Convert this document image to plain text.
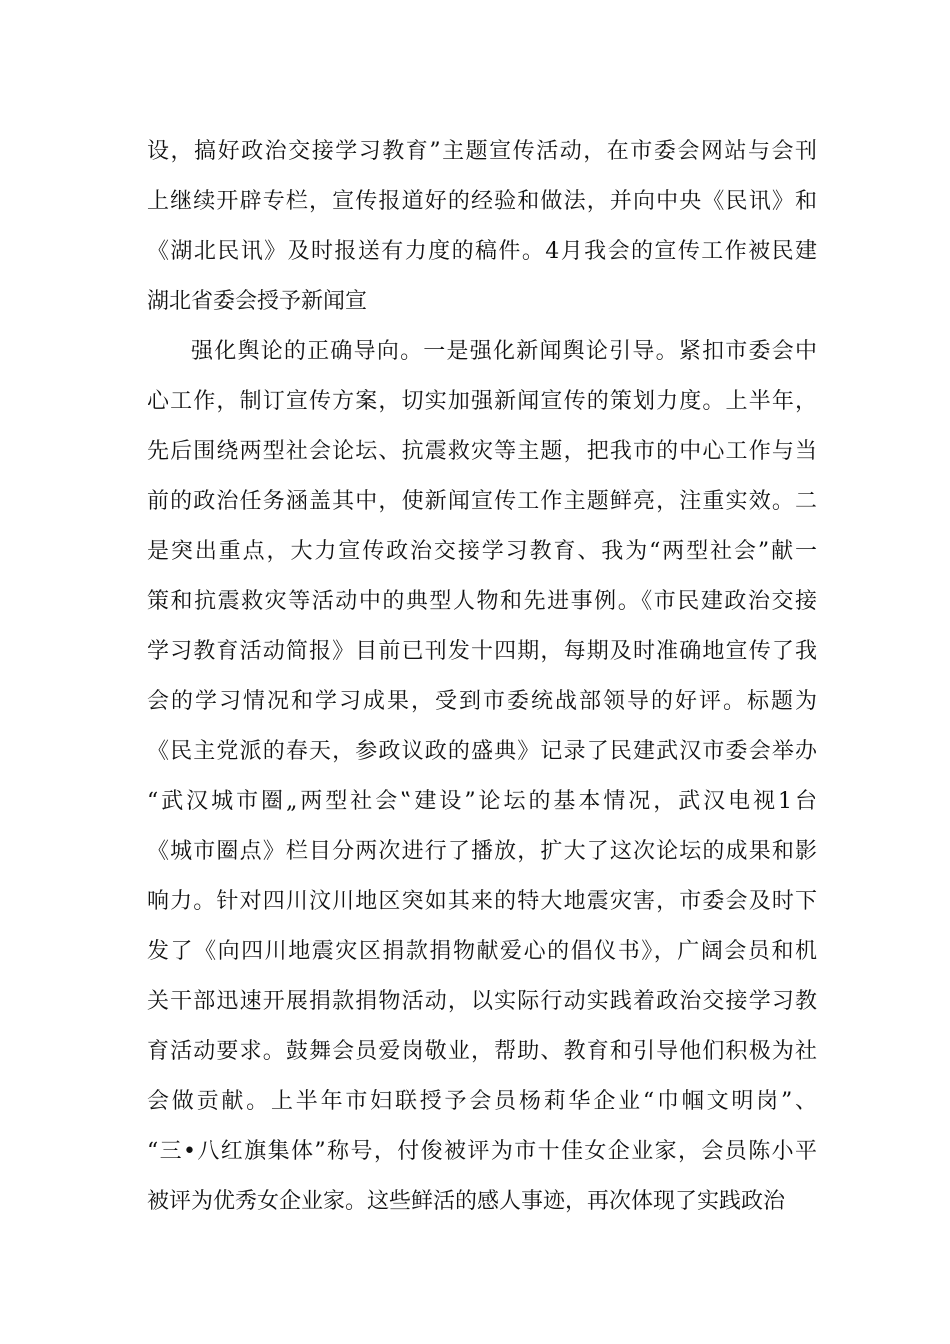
设，搞好政治交接学习教育”主题宣传活动，在市委会网站与会刊
上继续开辟专栏，宣传报道好的经验和做法，并向中央《民讯》和
《湖北民讯》及时报送有力度的稿件。4月我会的宣传工作被民建
湖北省委会授予新闻宣
强化舆论的正确导向。一是强化新闻舆论引导。紧扣市委会中
心工作，制订宣传方案，切实加强新闻宣传的策划力度。上半年，
先后围绕两型社会论坛、抗震救灾等主题，把我市的中心工作与当
前的政治任务涵盖其中，使新闻宣传工作主题鲜亮，注重实效。二
是突出重点，大力宣传政治交接学习教育、我为“两型社会”献一
策和抗震救灾等活动中的典型人物和先进事例。《市民建政治交接
学习教育活动简报》目前已刊发十四期，每期及时准确地宣传了我
会的学习情况和学习成果，受到市委统战部领导的好评。标题为
《民主党派的春天，参政议政的盛典》记录了民建武汉市委会举办
“武汉城市圈„两型社会‟建设”论坛的基本情况，武汉电视1台
《城市圈点》栏目分两次进行了播放，扩大了这次论坛的成果和影
响力。针对四川汶川地区突如其来的特大地震灾害，市委会及时下
发了《向四川地震灾区捐款捐物献爱心的倡仪书》，广阔会员和机
关干部迅速开展捐款捐物活动，以实际行动实践着政治交接学习教
育活动要求。鼓舞会员爱岗敬业，帮助、教育和引导他们积极为社
会做贡献。上半年市妇联授予会员杨莉华企业“巾帼文明岗”、
“三•八红旗集体”称号，付俊被评为市十佳女企业家，会员陈小平
被评为优秀女企业家。这些鲜活的感人事迹，再次体现了实践政治
